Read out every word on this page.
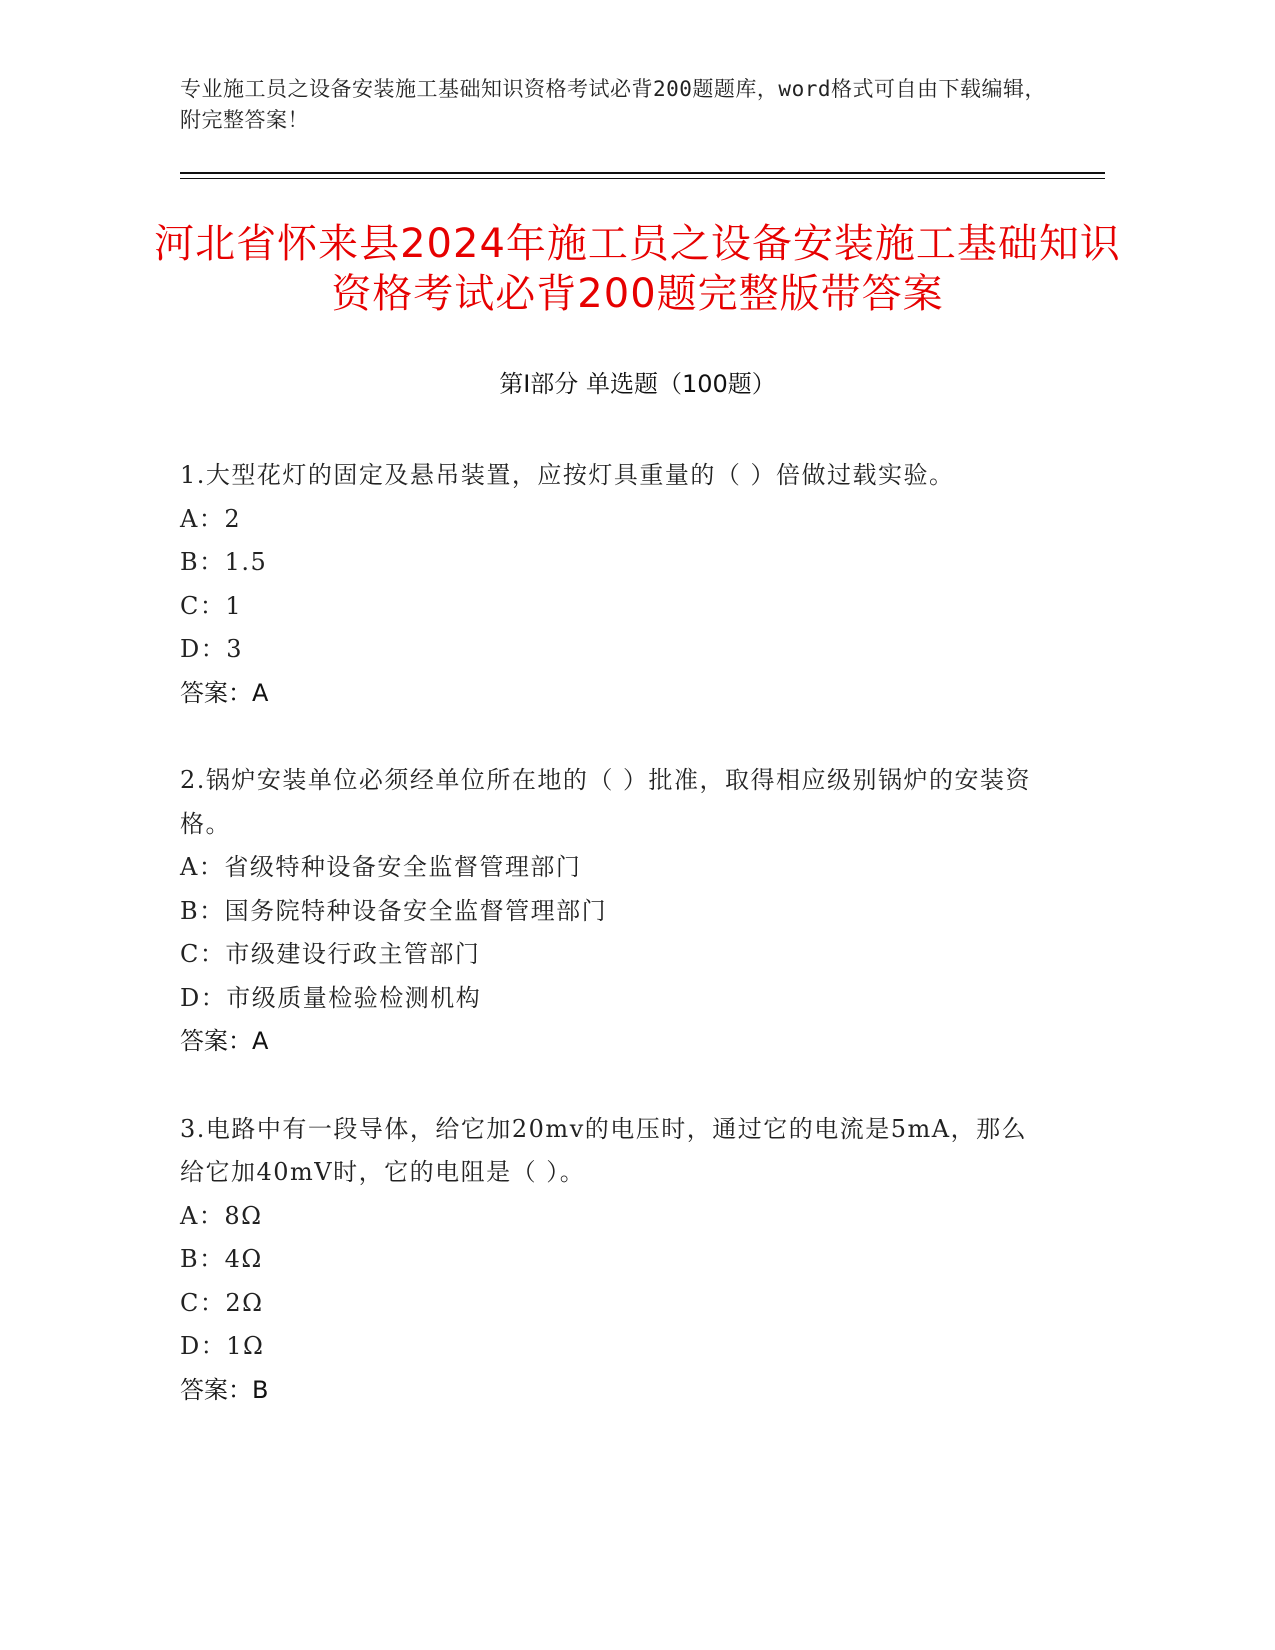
专业施工员之设备安装施工基础知识资格考试必背200题题库，word格式可自由下载编辑，附完整答案！
河北省怀来县2024年施工员之设备安装施工基础知识资格考试必背200题完整版带答案
第Ⅰ部分 单选题（100题）
1.大型花灯的固定及悬吊装置，应按灯具重量的（ ）倍做过载实验。
A：2
B：1.5
C：1
D：3
答案：A
2.锅炉安装单位必须经单位所在地的（ ）批准，取得相应级别锅炉的安装资格。
A：省级特种设备安全监督管理部门
B：国务院特种设备安全监督管理部门
C：市级建设行政主管部门
D：市级质量检验检测机构
答案：A
3.电路中有一段导体，给它加20mv的电压时，通过它的电流是5mA，那么给它加40mV时，它的电阻是（ ）。
A：8Ω
B：4Ω
C：2Ω
D：1Ω
答案：B
